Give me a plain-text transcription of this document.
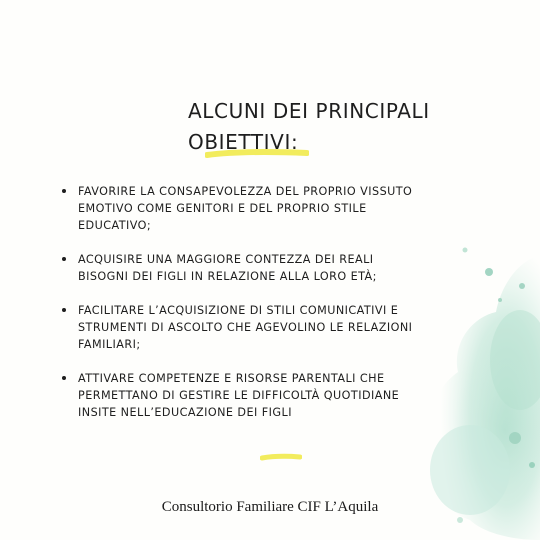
ALCUNI DEI PRINCIPALI
OBIETTIVI:
FAVORIRE LA CONSAPEVOLEZZA DEL PROPRIO VISSUTO
EMOTIVO COME GENITORI E DEL PROPRIO STILE
EDUCATIVO;
ACQUISIRE UNA MAGGIORE CONTEZZA DEI REALI
BISOGNI DEI FIGLI IN RELAZIONE ALLA LORO ETÀ;
FACILITARE L’ACQUISIZIONE DI STILI COMUNICATIVI E
STRUMENTI DI ASCOLTO CHE AGEVOLINO LE RELAZIONI
FAMILIARI;
ATTIVARE COMPETENZE E RISORSE PARENTALI CHE
PERMETTANO DI GESTIRE LE DIFFICOLTÀ QUOTIDIANE
INSITE NELL’EDUCAZIONE DEI FIGLI
Consultorio Familiare CIF L’Aquila
